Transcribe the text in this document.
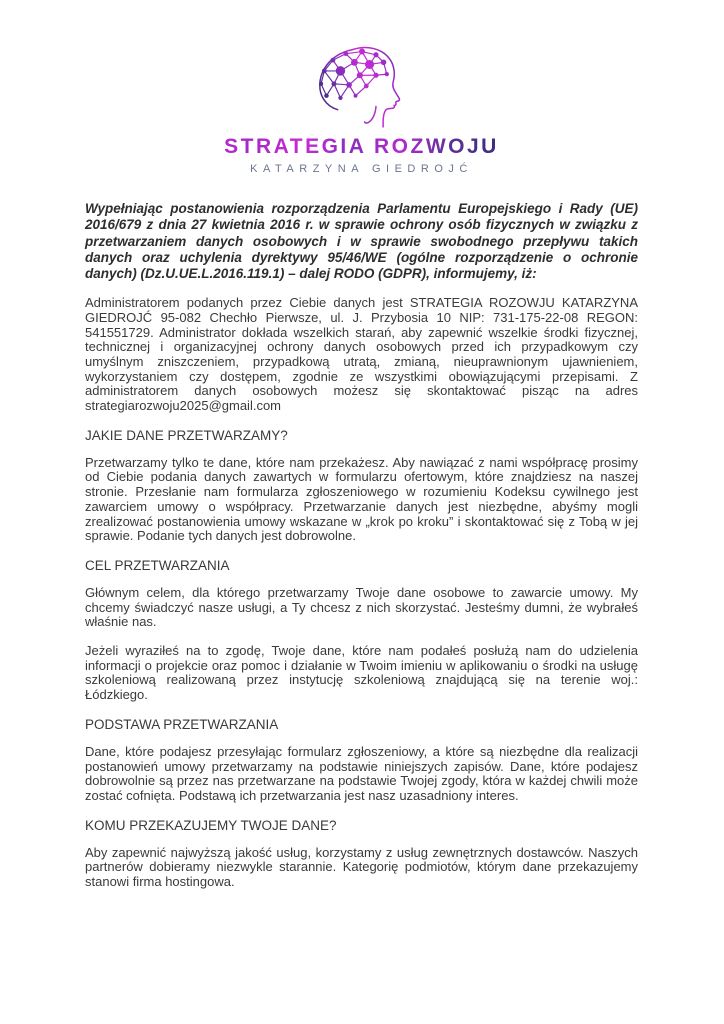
STRATEGIA ROZWOJU
KATARZYNA GIEDROJĆ

Wypełniając postanowienia rozporządzenia Parlamentu Europejskiego i Rady (UE) 2016/679 z dnia 27 kwietnia 2016 r. w sprawie ochrony osób fizycznych w związku z przetwarzaniem danych osobowych i w sprawie swobodnego przepływu takich danych oraz uchylenia dyrektywy 95/46/WE (ogólne rozporządzenie o ochronie danych) (Dz.U.UE.L.2016.119.1) – dalej RODO (GDPR), informujemy, iż:

Administratorem podanych przez Ciebie danych jest STRATEGIA ROZOWJU KATARZYNA GIEDROJĆ 95-082 Chechło Pierwsze, ul. J. Przybosia 10 NIP: 731-175-22-08 REGON: 541551729. Administrator dokłada wszelkich starań, aby zapewnić wszelkie środki fizycznej, technicznej i organizacyjnej ochrony danych osobowych przed ich przypadkowym czy umyślnym zniszczeniem, przypadkową utratą, zmianą, nieuprawnionym ujawnieniem, wykorzystaniem czy dostępem, zgodnie ze wszystkimi obowiązującymi przepisami. Z administratorem danych osobowych możesz się skontaktować pisząc na adres strategiarozwoju2025@gmail.com

JAKIE DANE PRZETWARZAMY?

Przetwarzamy tylko te dane, które nam przekażesz. Aby nawiązać z nami współpracę prosimy od Ciebie podania danych zawartych w formularzu ofertowym, które znajdziesz na naszej stronie. Przesłanie nam formularza zgłoszeniowego w rozumieniu Kodeksu cywilnego jest zawarciem umowy o współpracy. Przetwarzanie danych jest niezbędne, abyśmy mogli zrealizować postanowienia umowy wskazane w „krok po kroku” i skontaktować się z Tobą w jej sprawie. Podanie tych danych jest dobrowolne.

CEL PRZETWARZANIA

Głównym celem, dla którego przetwarzamy Twoje dane osobowe to zawarcie umowy. My chcemy świadczyć nasze usługi, a Ty chcesz z nich skorzystać. Jesteśmy dumni, że wybrałeś właśnie nas.

Jeżeli wyraziłeś na to zgodę, Twoje dane, które nam podałeś posłużą nam do udzielenia informacji o projekcie oraz pomoc i działanie w Twoim imieniu w aplikowaniu o środki na usługę szkoleniową realizowaną przez instytucję szkoleniową znajdującą się na terenie woj.: Łódzkiego.

PODSTAWA PRZETWARZANIA

Dane, które podajesz przesyłając formularz zgłoszeniowy, a które są niezbędne dla realizacji postanowień umowy przetwarzamy na podstawie niniejszych zapisów. Dane, które podajesz dobrowolnie są przez nas przetwarzane na podstawie Twojej zgody, która w każdej chwili może zostać cofnięta. Podstawą ich przetwarzania jest nasz uzasadniony interes.

KOMU PRZEKAZUJEMY TWOJE DANE?

Aby zapewnić najwyższą jakość usług, korzystamy z usług zewnętrznych dostawców. Naszych partnerów dobieramy niezwykle starannie. Kategorię podmiotów, którym dane przekazujemy stanowi firma hostingowa.
